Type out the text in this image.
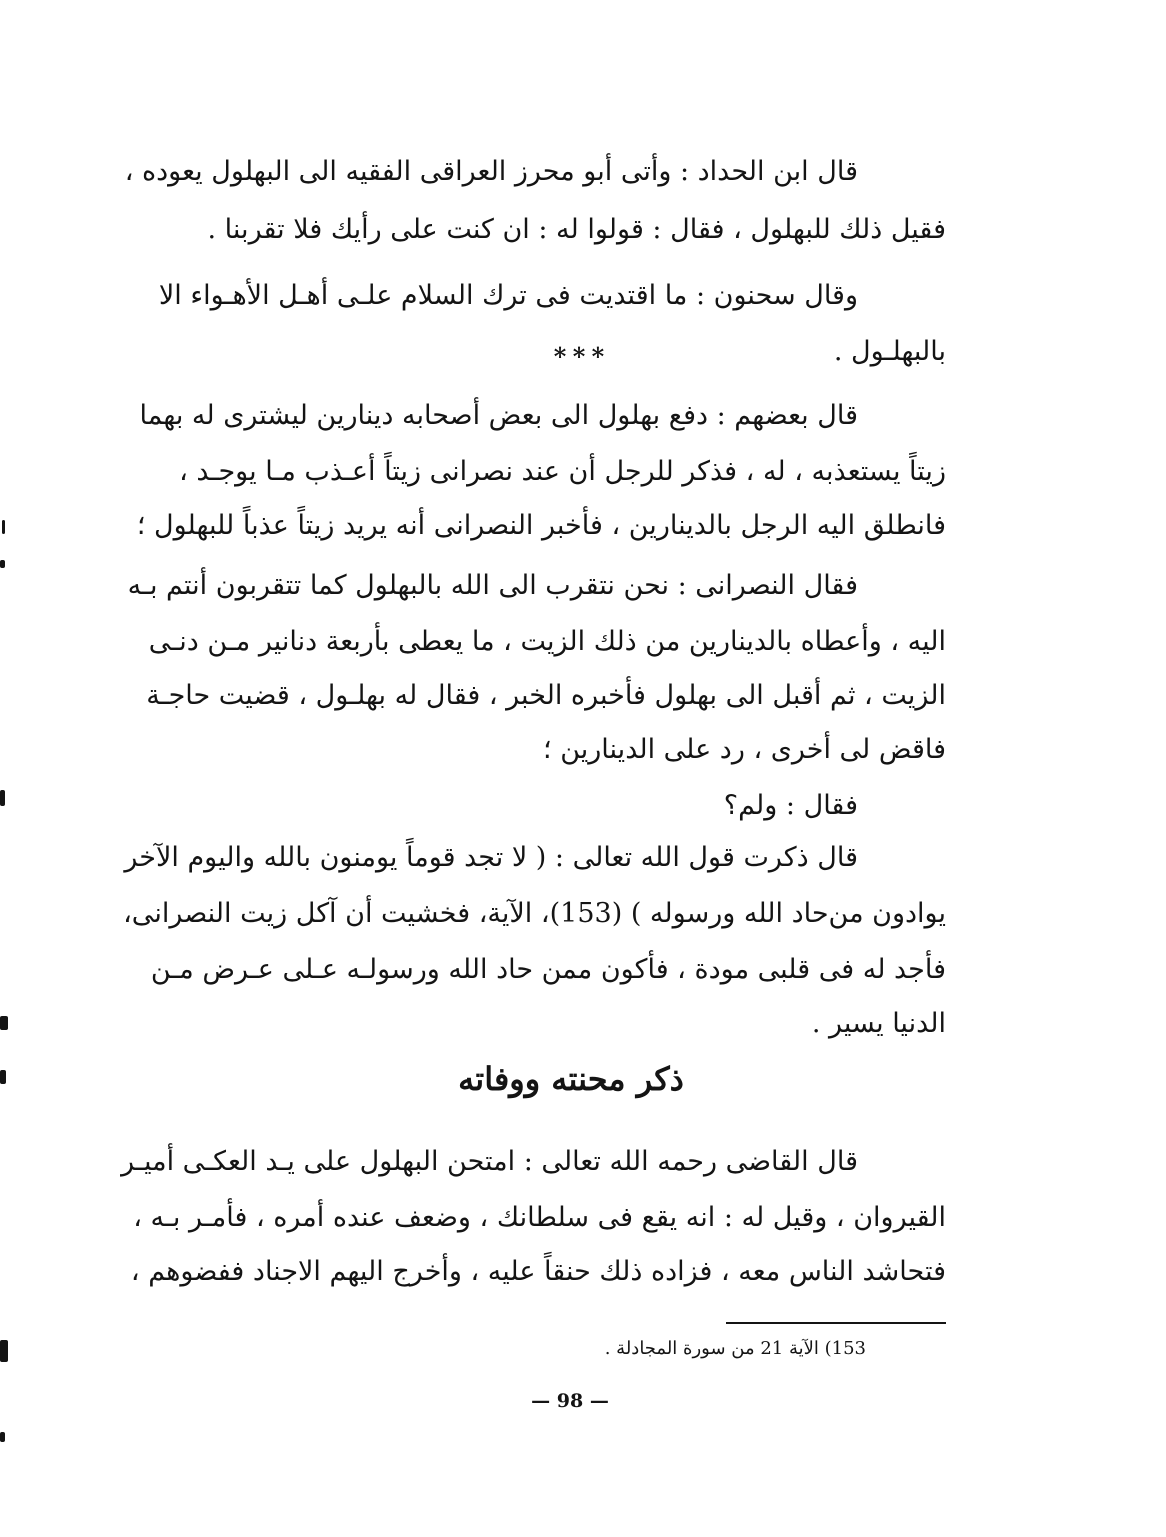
قال ابن الحداد : وأتى أبو محرز العراقى الفقيه الى البهلول يعوده ،
فقيل ذلك للبهلول ، فقال : قولوا له : ان كنت على رأيك فلا تقربنا .
وقال سحنون : ما اقتديت فى ترك السلام علـى أهـل الأهـواء الا
بالبهلـول .
قال بعضهم : دفع بهلول الى بعض أصحابه دينارين ليشترى له بهما
زيتاً يستعذبه ، له ، فذكر للرجل أن عند نصرانى زيتاً أعـذب مـا يوجـد ،
فانطلق اليه الرجل بالدينارين ، فأخبر النصرانى أنه يريد زيتاً عذباً للبهلول ؛
فقال النصرانى : نحن نتقرب الى الله بالبهلول كما تتقربون أنتم بـه
اليه ، وأعطاه بالدينارين من ذلك الزيت ، ما يعطى بأربعة دنانير مـن دنـى
الزيت ، ثم أقبل الى بهلول فأخبره الخبر ، فقال له بهلـول ، قضيت حاجـة
فاقض لى أخرى ، رد على الدينارين ؛
فقال : ولم؟
قال ذكرت قول الله تعالى : ( لا تجد قوماً يومنون بالله واليوم الآخر
يوادون من‌حاد الله ورسوله ) (153)، الآية، فخشيت أن آكل زيت النصرانى،
فأجد له فى قلبى مودة ، فأكون ممن حاد الله ورسولـه عـلى عـرض مـن
الدنيا يسير .
* * *
ذكر محنته ووفاته
قال القاضى رحمه الله تعالى : امتحن البهلول على يـد العكـى أميـر
القيروان ، وقيل له : انه يقع فى سلطانك ، وضعف عنده أمره ، فأمـر بـه ،
فتحاشد الناس معه ، فزاده ذلك حنقاً عليه ، وأخرج اليهم الاجناد ففضوهم ،
153) الآية 21 من سورة المجادلة .
— 98 —
